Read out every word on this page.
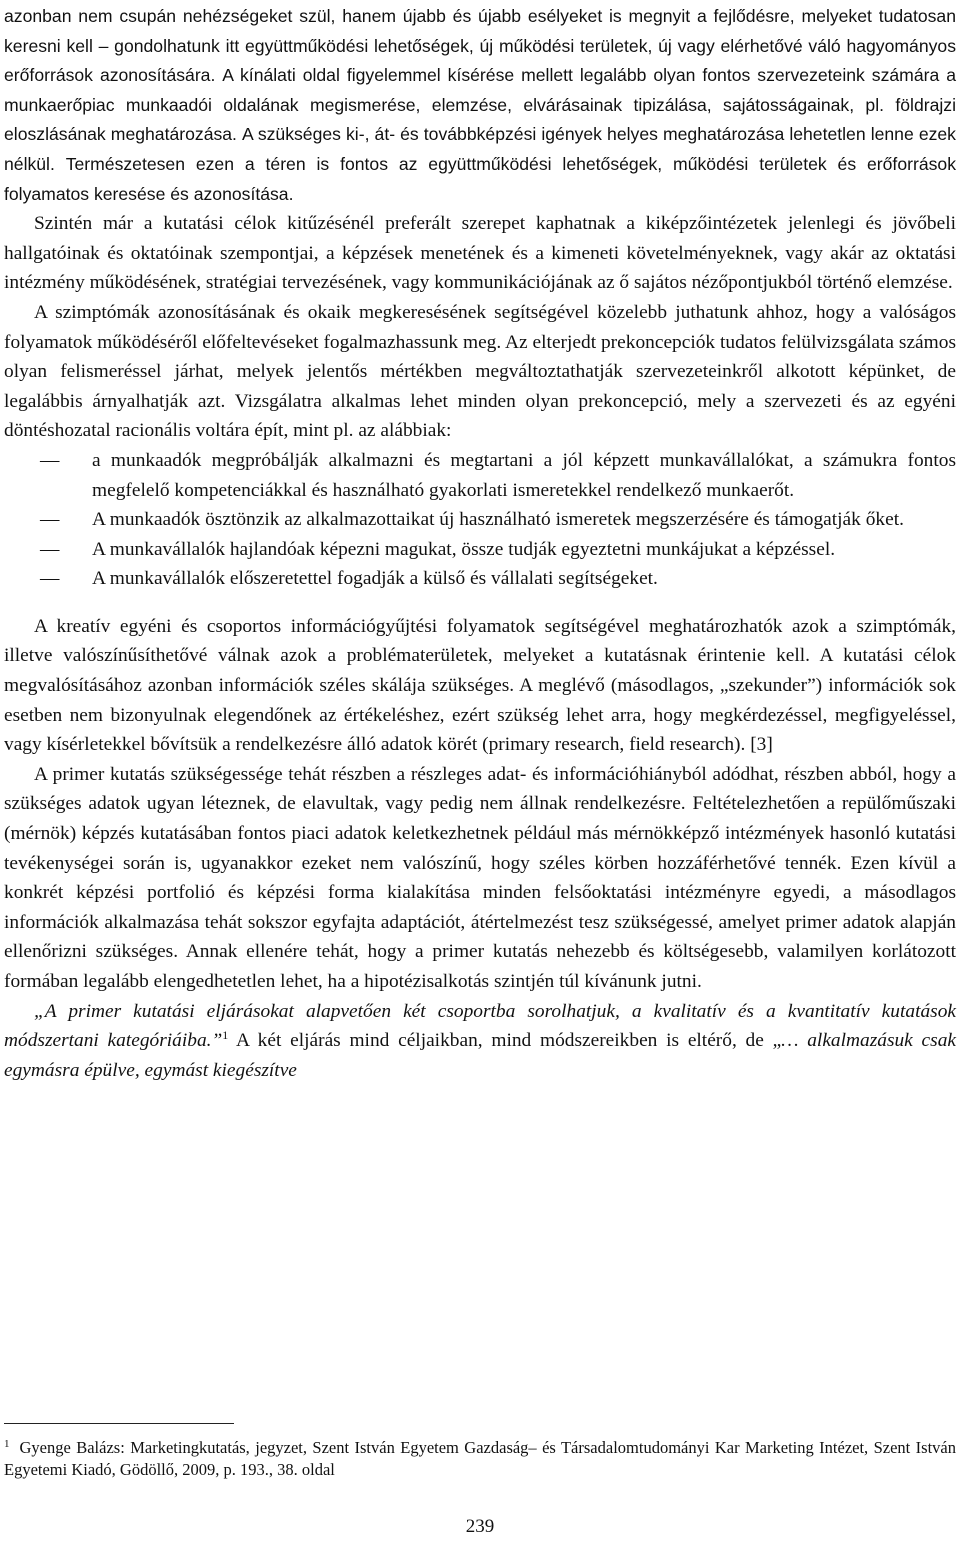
azonban nem csupán nehézségeket szül, hanem újabb és újabb esélyeket is megnyit a fejlődésre, melyeket tudatosan keresni kell – gondolhatunk itt együttműködési lehetőségek, új működési területek, új vagy elérhetővé váló hagyományos erőforrások azonosítására. A kínálati oldal figyelemmel kísérése mellett legalább olyan fontos szervezeteink számára a munkaerőpiac munkaadói oldalának megismerése, elemzése, elvárásainak tipizálása, sajátosságainak, pl. földrajzi eloszlásának meghatározása. A szükséges ki-, át- és továbbképzési igények helyes meghatározása lehetetlen lenne ezek nélkül. Természetesen ezen a téren is fontos az együttműködési lehetőségek, működési területek és erőforrások folyamatos keresése és azonosítása.

Szintén már a kutatási célok kitűzésénél preferált szerepet kaphatnak a kiképzőintézetek jelenlegi és jövőbeli hallgatóinak és oktatóinak szempontjai, a képzések menetének és a kimeneti követelményeknek, vagy akár az oktatási intézmény működésének, stratégiai tervezésének, vagy kommunikációjának az ő sajátos nézőpontjukból történő elemzése.

A szimptómák azonosításának és okaik megkeresésének segítségével közelebb juthatunk ahhoz, hogy a valóságos folyamatok működéséről előfeltevéseket fogalmazhassunk meg. Az elterjedt prekoncepciók tudatos felülvizsgálata számos olyan felismeréssel járhat, melyek jelentős mértékben megváltoztathatják szervezeteinkről alkotott képünket, de legalábbis árnyalhatják azt. Vizsgálatra alkalmas lehet minden olyan prekoncepció, mely a szervezeti és az egyéni döntéshozatal racionális voltára épít, mint pl. az alábbiak:

— a munkaadók megpróbálják alkalmazni és megtartani a jól képzett munkavállalókat, a számukra fontos megfelelő kompetenciákkal és használható gyakorlati ismeretekkel rendelkező munkaerőt.
— A munkaadók ösztönzik az alkalmazottaikat új használható ismeretek megszerzésére és támogatják őket.
— A munkavállalók hajlandóak képezni magukat, össze tudják egyeztetni munkájukat a képzéssel.
— A munkavállalók előszeretettel fogadják a külső és vállalati segítségeket.

A kreatív egyéni és csoportos információgyűjtési folyamatok segítségével meghatározhatók azok a szimptómák, illetve valószínűsíthetővé válnak azok a problématerületek, melyeket a kutatásnak érintenie kell. A kutatási célok megvalósításához azonban információk széles skálája szükséges. A meglévő (másodlagos, „szekunder”) információk sok esetben nem bizonyulnak elegendőnek az értékeléshez, ezért szükség lehet arra, hogy megkérdezéssel, megfigyeléssel, vagy kísérletekkel bővítsük a rendelkezésre álló adatok körét (primary research, field research). [3]

A primer kutatás szükségessége tehát részben a részleges adat- és információhiányból adódhat, részben abból, hogy a szükséges adatok ugyan léteznek, de elavultak, vagy pedig nem állnak rendelkezésre. Feltételezhetően a repülőműszaki (mérnök) képzés kutatásában fontos piaci adatok keletkezhetnek például más mérnökképző intézmények hasonló kutatási tevékenységei során is, ugyanakkor ezeket nem valószínű, hogy széles körben hozzáférhetővé tennék. Ezen kívül a konkrét képzési portfolió és képzési forma kialakítása minden felsőoktatási intézményre egyedi, a másodlagos információk alkalmazása tehát sokszor egyfajta adaptációt, átértelmezést tesz szükségessé, amelyet primer adatok alapján ellenőrizni szükséges. Annak ellenére tehát, hogy a primer kutatás nehezebb és költségesebb, valamilyen korlátozott formában legalább elengedhetetlen lehet, ha a hipotézisalkotás szintjén túl kívánunk jutni.

„A primer kutatási eljárásokat alapvetően két csoportba sorolhatjuk, a kvalitatív és a kvantitatív kutatások módszertani kategóriáiba.”$^1$ A két eljárás mind céljaikban, mind módszereikben is eltérő, de „… alkalmazásuk csak egymásra épülve, egymást kiegészítve

$^1$ Gyenge Balázs: Marketingkutatás, jegyzet, Szent István Egyetem Gazdaság– és Társadalomtudományi Kar Marketing Intézet, Szent István Egyetemi Kiadó, Gödöllő, 2009, p. 193., 38. oldal
239
